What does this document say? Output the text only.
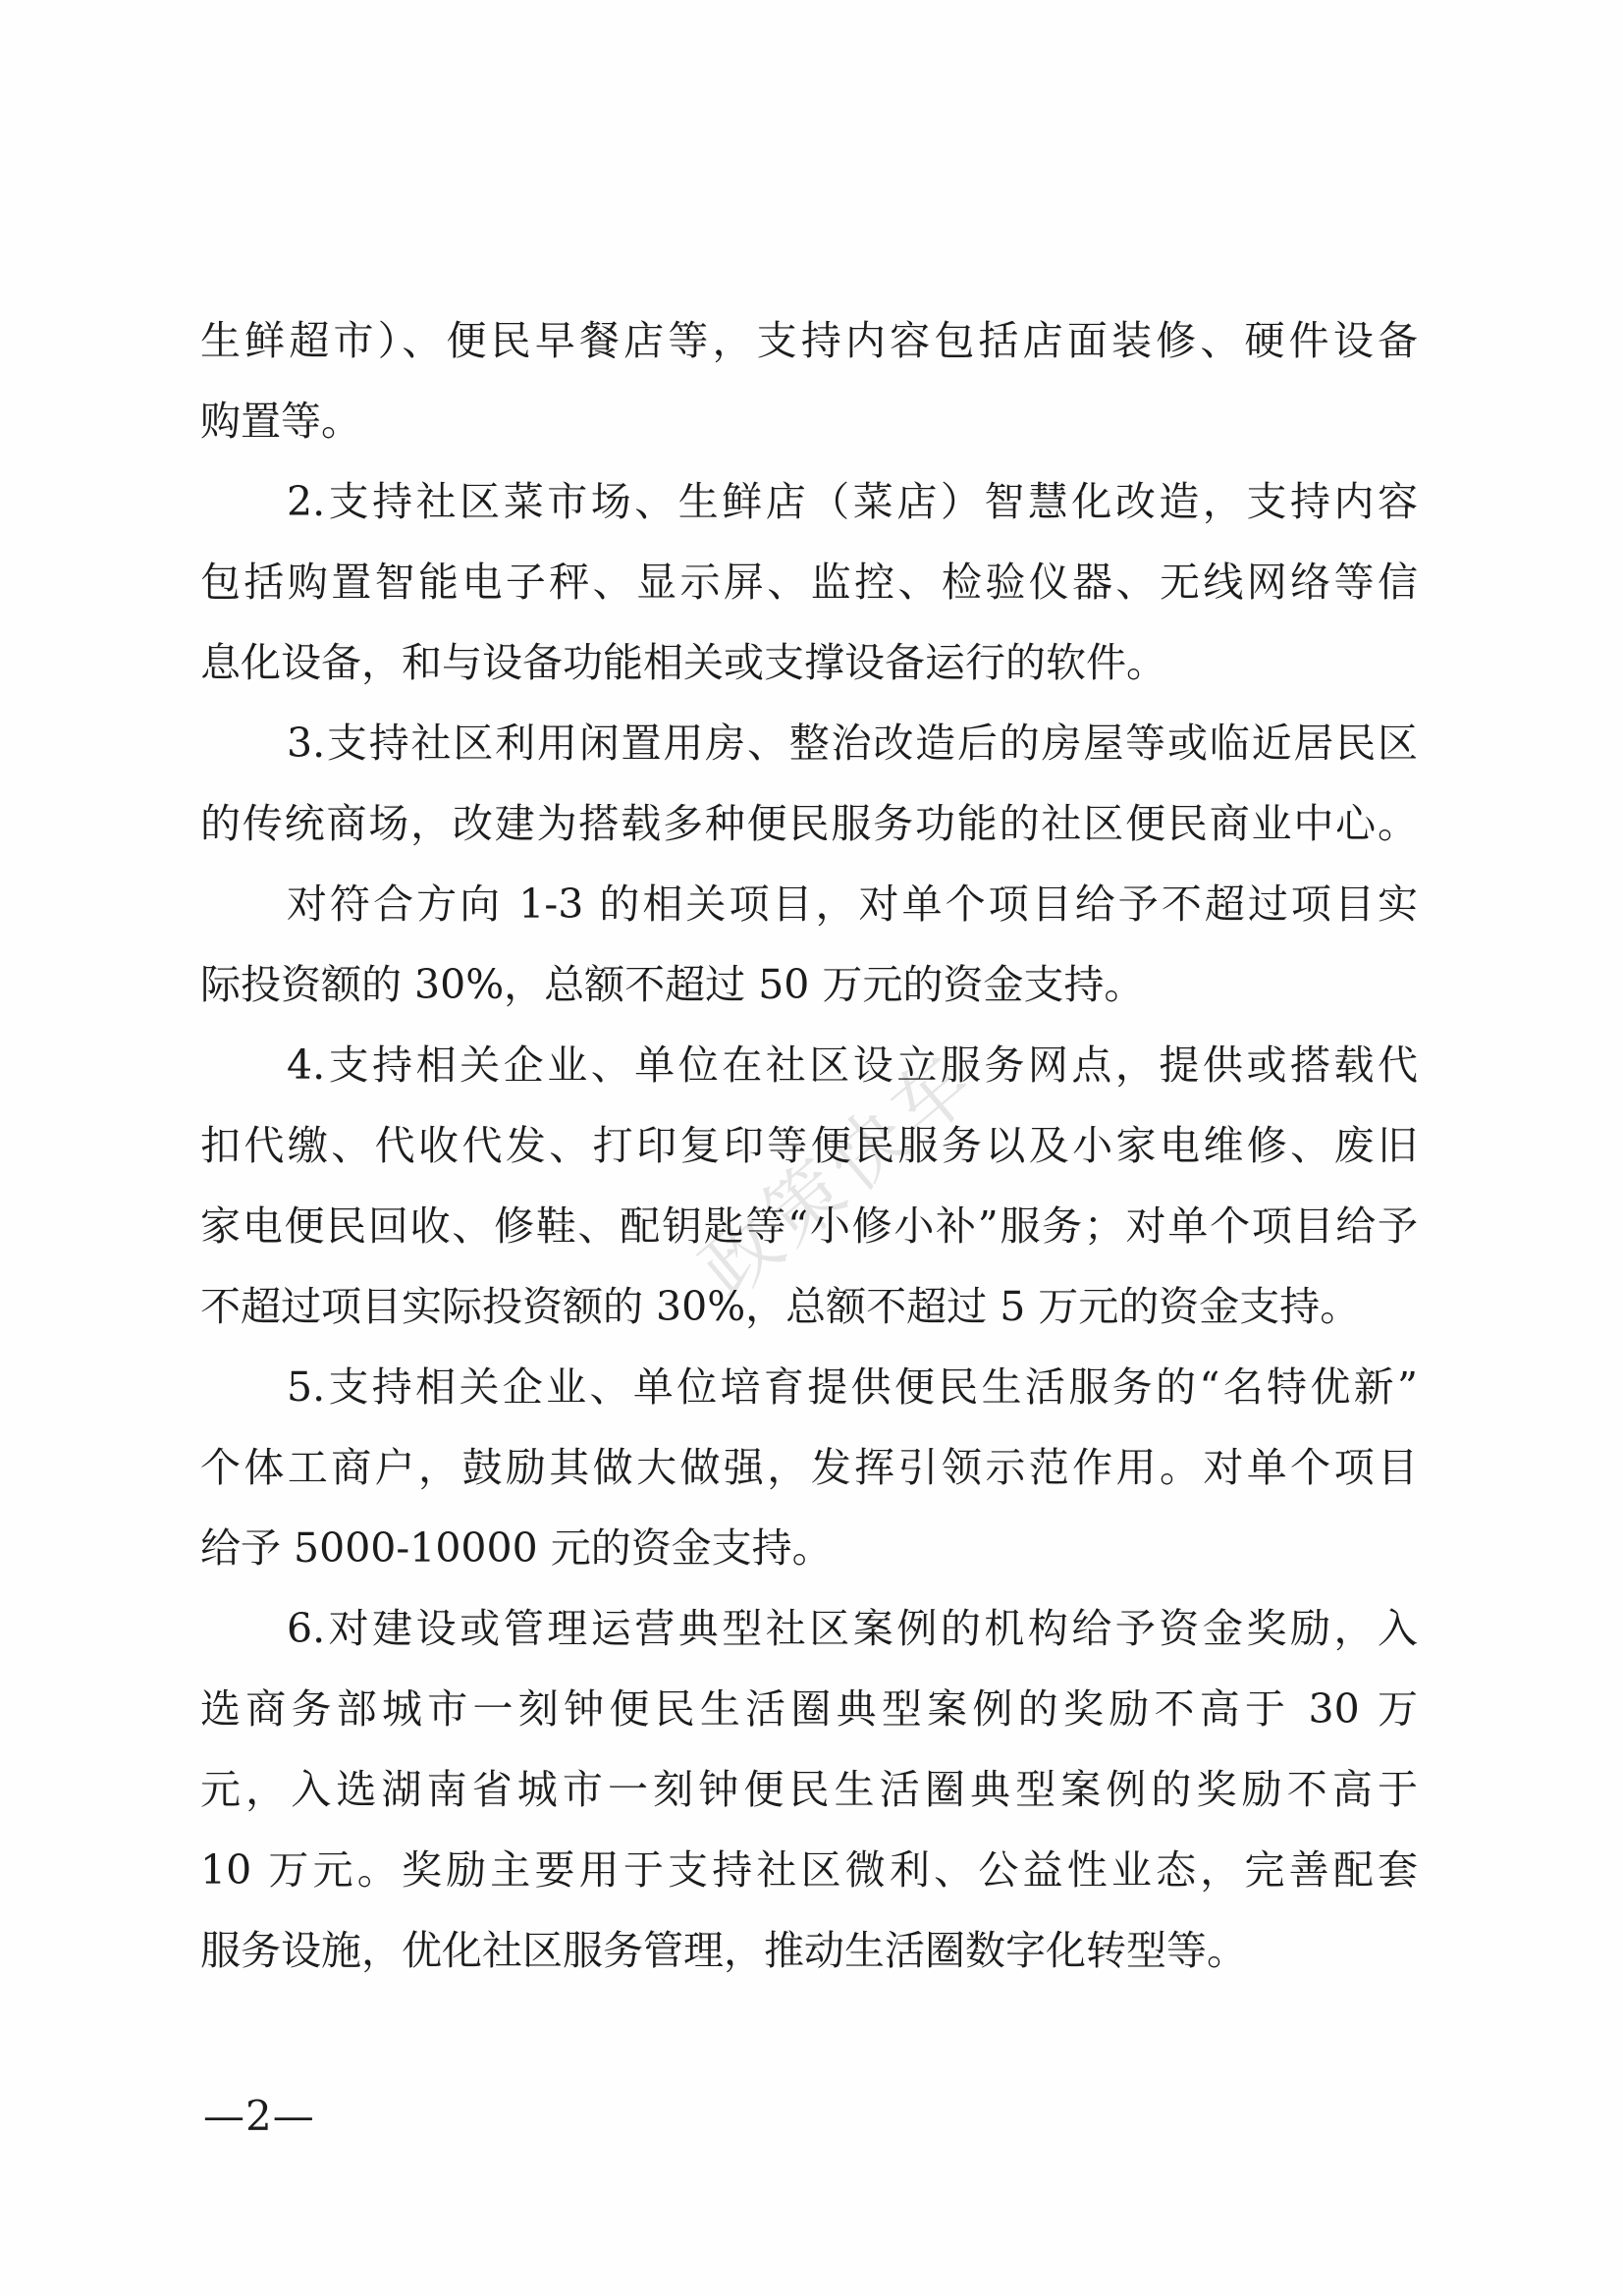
政策快车
生鲜超市）、便民早餐店等，支持内容包括店面装修、硬件设备
购置等。
2.支持社区菜市场、生鲜店（菜店）智慧化改造，支持内容
包括购置智能电子秤、显示屏、监控、检验仪器、无线网络等信
息化设备，和与设备功能相关或支撑设备运行的软件。
3.支持社区利用闲置用房、整治改造后的房屋等或临近居民区
的传统商场，改建为搭载多种便民服务功能的社区便民商业中心。
对符合方向 1-3 的相关项目，对单个项目给予不超过项目实
际投资额的 30%，总额不超过 50 万元的资金支持。
4.支持相关企业、单位在社区设立服务网点，提供或搭载代
扣代缴、代收代发、打印复印等便民服务以及小家电维修、废旧
家电便民回收、修鞋、配钥匙等“小修小补”服务；对单个项目给予
不超过项目实际投资额的 30%，总额不超过 5 万元的资金支持。
5.支持相关企业、单位培育提供便民生活服务的“名特优新”
个体工商户，鼓励其做大做强，发挥引领示范作用。对单个项目
给予 5000-10000 元的资金支持。
6.对建设或管理运营典型社区案例的机构给予资金奖励，入
选商务部城市一刻钟便民生活圈典型案例的奖励不高于 30 万
元，入选湖南省城市一刻钟便民生活圈典型案例的奖励不高于
10 万元。奖励主要用于支持社区微利、公益性业态，完善配套
服务设施，优化社区服务管理，推动生活圈数字化转型等。
—2—
